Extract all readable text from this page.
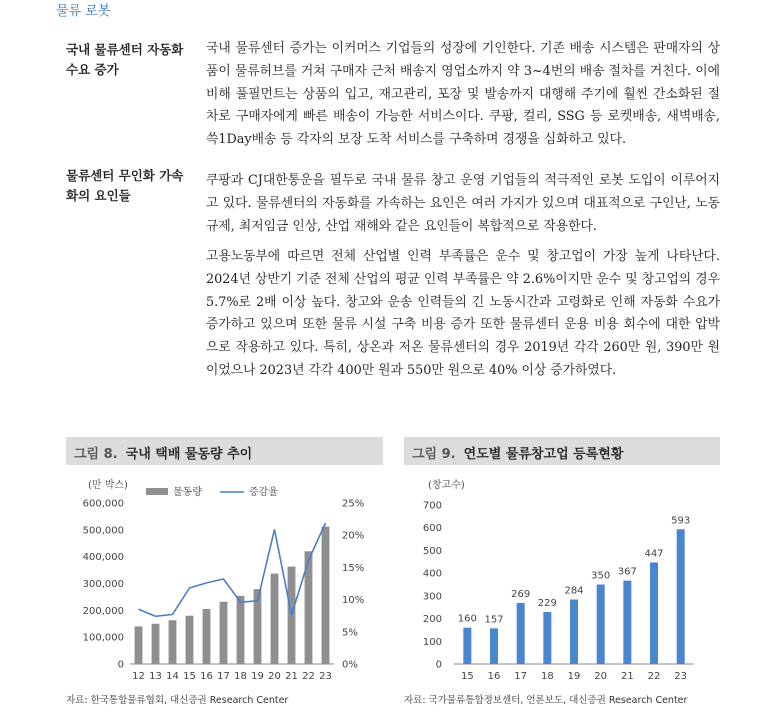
물류 로봇
국내 물류센터 자동화 수요 증가

국내 물류센터 증가는 이커머스 기업들의 성장에 기인한다. 기존 배송 시스템은 판매자의 상품이 물류허브를 거쳐 구매자 근처 배송지 영업소까지 약 3~4번의 배송 절차를 거친다. 이에 비해 풀필먼트는 상품의 입고, 재고관리, 포장 및 발송까지 대행해 주기에 훨씬 간소화된 절차로 구매자에게 빠른 배송이 가능한 서비스이다. 쿠팡, 컬리, SSG 등 로켓배송, 새벽배송, 쓱1Day배송 등 각자의 보장 도착 서비스를 구축하며 경쟁을 심화하고 있다.

물류센터 무인화 가속화의 요인들

쿠팡과 CJ대한통운을 필두로 국내 물류 창고 운영 기업들의 적극적인 로봇 도입이 이루어지고 있다. 물류센터의 자동화를 가속하는 요인은 여러 가지가 있으며 대표적으로 구인난, 노동 규제, 최저임금 인상, 산업 재해와 같은 요인들이 복합적으로 작용한다.

고용노동부에 따르면 전체 산업별 인력 부족률은 운수 및 창고업이 가장 높게 나타난다. 2024년 상반기 기준 전체 산업의 평균 인력 부족률은 약 2.6%이지만 운수 및 창고업의 경우 5.7%로 2배 이상 높다. 창고와 운송 인력들의 긴 노동시간과 고령화로 인해 자동화 수요가 증가하고 있으며 또한 물류 시설 구축 비용 증가 또한 물류센터 운용 비용 회수에 대한 압박으로 작용하고 있다. 특히, 상온과 저온 물류센터의 경우 2019년 각각 260만 원, 390만 원이었으나 2023년 각각 400만 원과 550만 원으로 40% 이상 증가하였다.

그림 8. 국내 택배 물동량 추이	그림 9. 연도별 물류창고업 등록현황
(만 박스)
0
100,000
200,000
300,000
400,000
500,000
600,000
0%
5%
10%
15%
20%
25%
12 13 14 15 16 17 18 19 20 21 22 23
물동량	증감율
(창고수)
0
100
200
300
400
500
600
700
160
15
157
16
269
17
229
18
284
19
350
20
367
21
447
22
593
23
자료: 한국통합물류협회, 대신증권 Research Center	자료: 국가물류통합정보센터, 언론보도, 대신증권 Research Center
